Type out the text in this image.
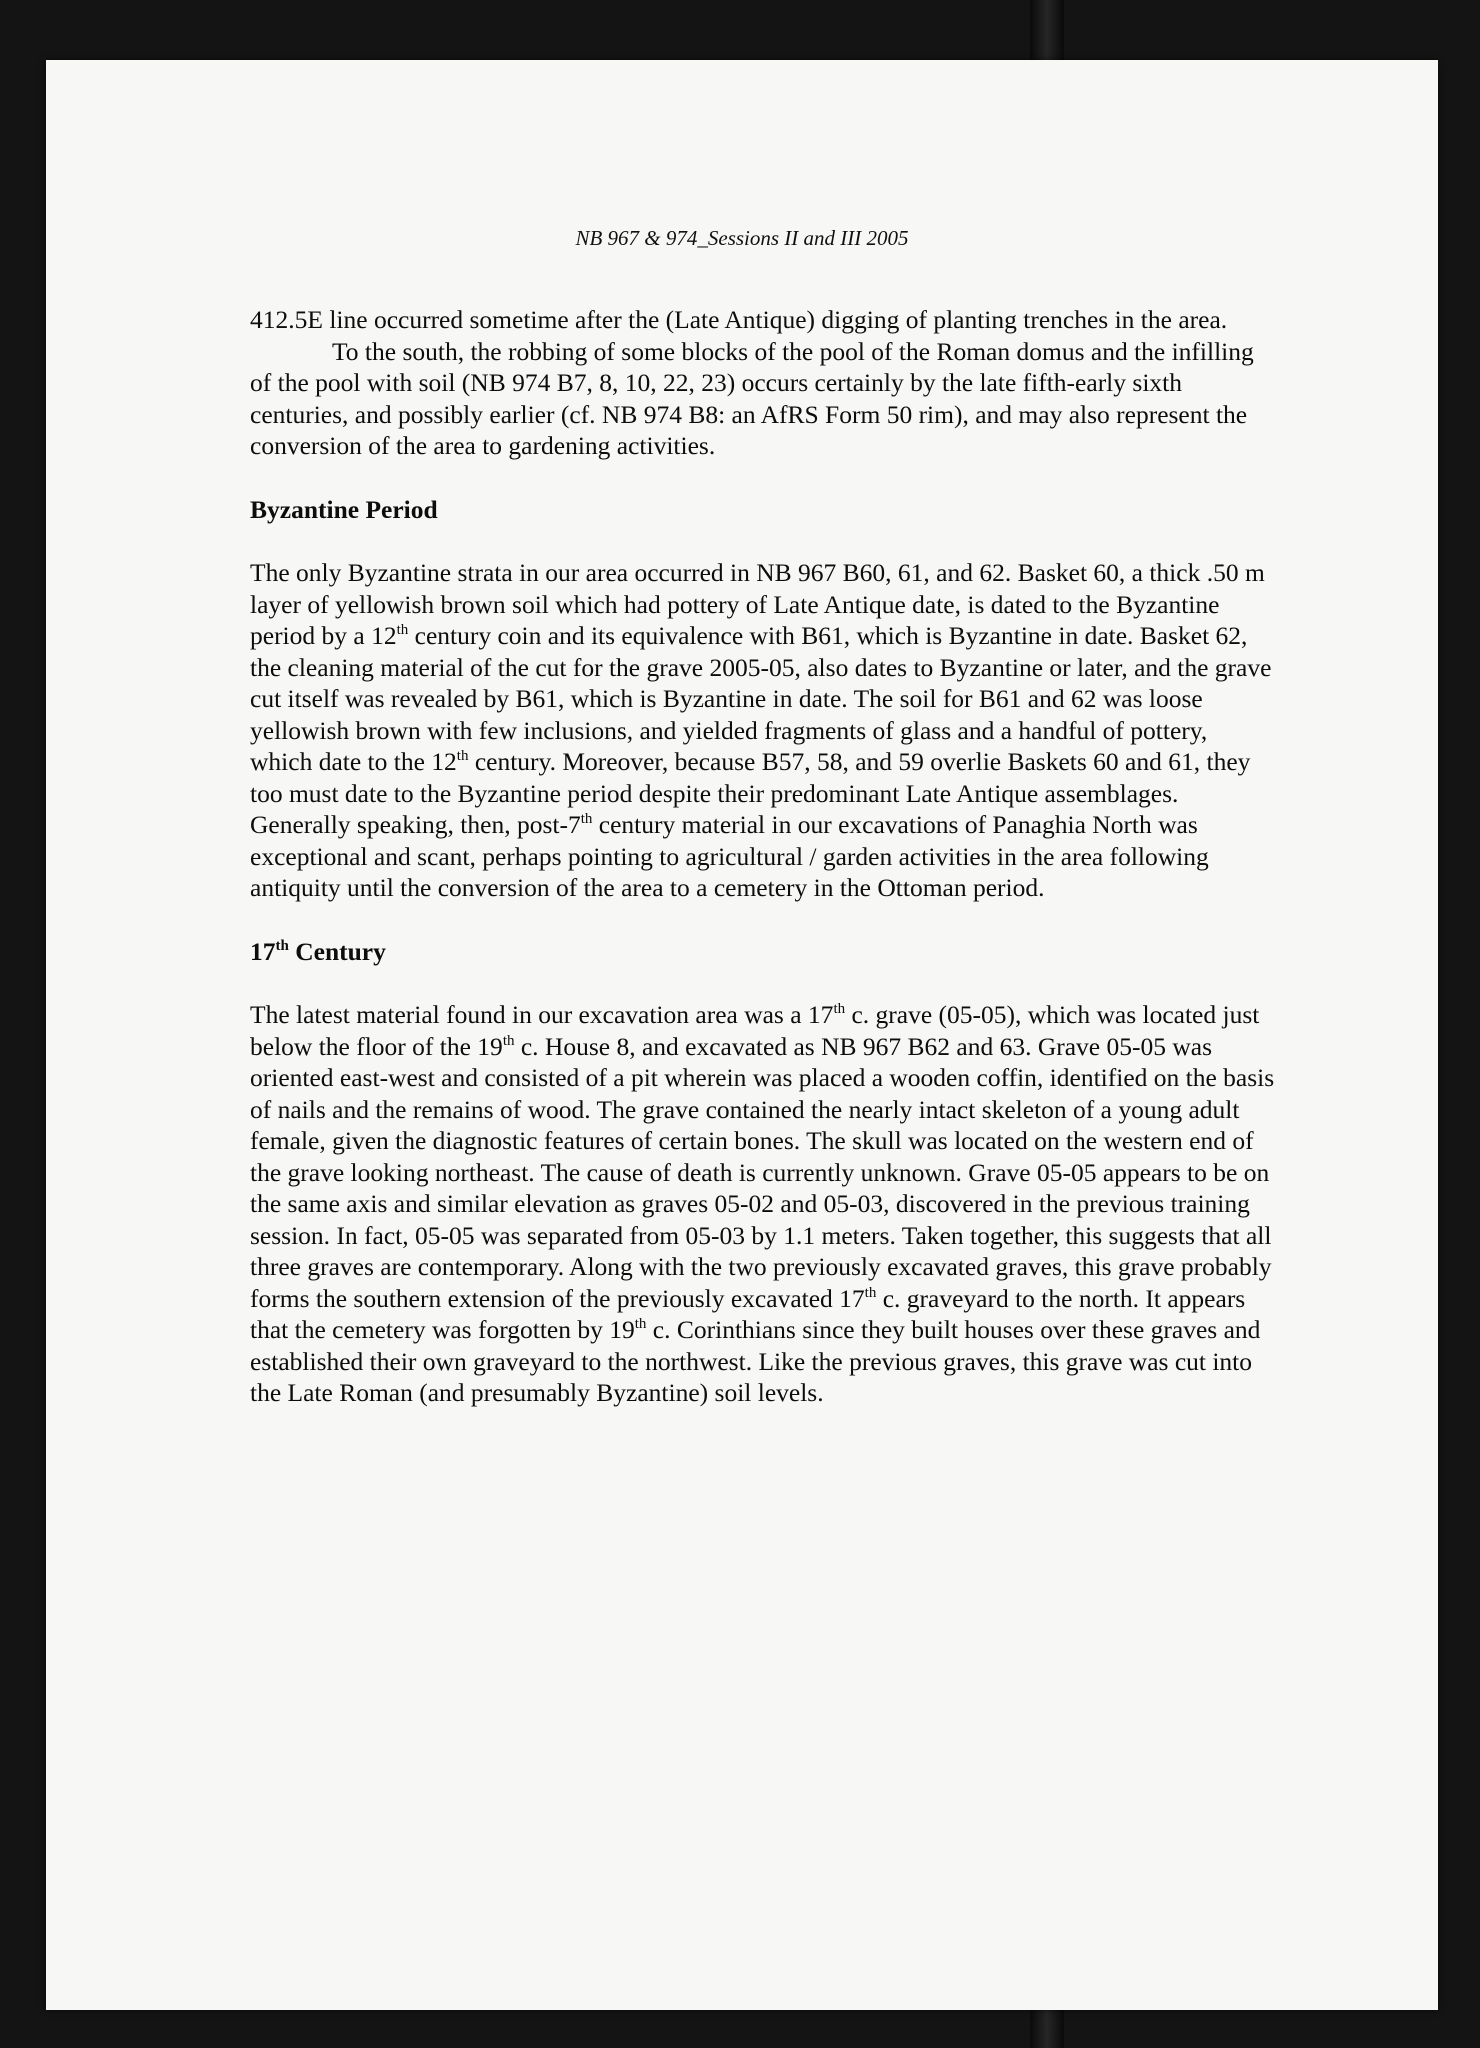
NB 967 & 974_Sessions II and III 2005

412.5E line occurred sometime after the (Late Antique) digging of planting trenches in the area.

To the south, the robbing of some blocks of the pool of the Roman domus and the infilling of the pool with soil (NB 974 B7, 8, 10, 22, 23) occurs certainly by the late fifth-early sixth centuries, and possibly earlier (cf. NB 974 B8: an AfRS Form 50 rim), and may also represent the conversion of the area to gardening activities.

Byzantine Period

The only Byzantine strata in our area occurred in NB 967 B60, 61, and 62. Basket 60, a thick .50 m layer of yellowish brown soil which had pottery of Late Antique date, is dated to the Byzantine period by a 12th century coin and its equivalence with B61, which is Byzantine in date. Basket 62, the cleaning material of the cut for the grave 2005-05, also dates to Byzantine or later, and the grave cut itself was revealed by B61, which is Byzantine in date. The soil for B61 and 62 was loose yellowish brown with few inclusions, and yielded fragments of glass and a handful of pottery, which date to the 12th century. Moreover, because B57, 58, and 59 overlie Baskets 60 and 61, they too must date to the Byzantine period despite their predominant Late Antique assemblages. Generally speaking, then, post-7th century material in our excavations of Panaghia North was exceptional and scant, perhaps pointing to agricultural / garden activities in the area following antiquity until the conversion of the area to a cemetery in the Ottoman period.

17th Century

The latest material found in our excavation area was a 17th c. grave (05-05), which was located just below the floor of the 19th c. House 8, and excavated as NB 967 B62 and 63. Grave 05-05 was oriented east-west and consisted of a pit wherein was placed a wooden coffin, identified on the basis of nails and the remains of wood. The grave contained the nearly intact skeleton of a young adult female, given the diagnostic features of certain bones. The skull was located on the western end of the grave looking northeast. The cause of death is currently unknown. Grave 05-05 appears to be on the same axis and similar elevation as graves 05-02 and 05-03, discovered in the previous training session. In fact, 05-05 was separated from 05-03 by 1.1 meters. Taken together, this suggests that all three graves are contemporary. Along with the two previously excavated graves, this grave probably forms the southern extension of the previously excavated 17th c. graveyard to the north. It appears that the cemetery was forgotten by 19th c. Corinthians since they built houses over these graves and established their own graveyard to the northwest. Like the previous graves, this grave was cut into the Late Roman (and presumably Byzantine) soil levels.
